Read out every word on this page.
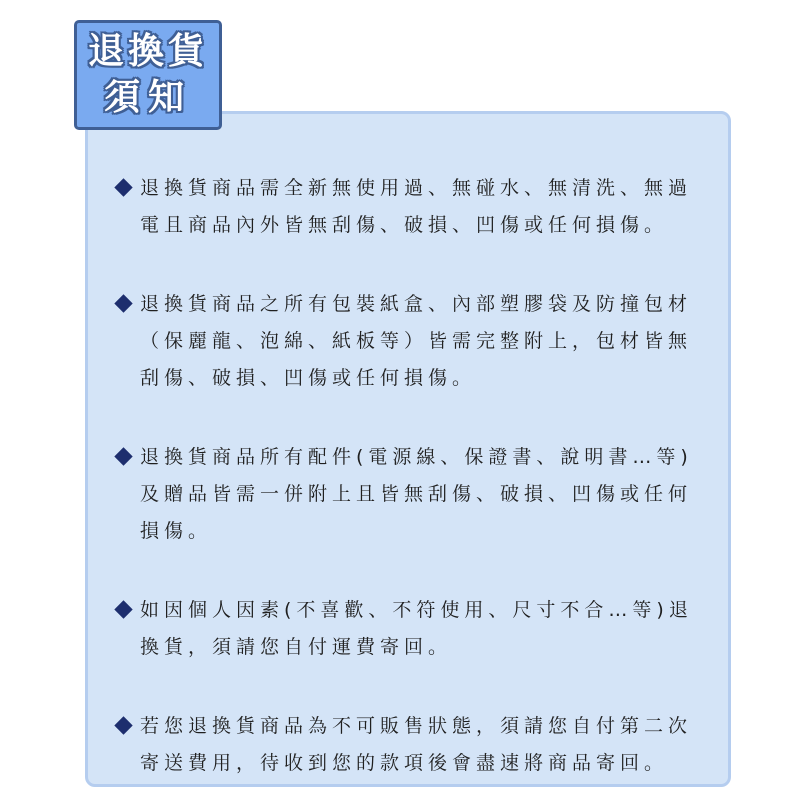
退換貨
須知
退換貨商品需全新無使用過、無碰水、無清洗、無過電且商品內外皆無刮傷、破損、凹傷或任何損傷。
退換貨商品之所有包裝紙盒、內部塑膠袋及防撞包材（保麗龍、泡綿、紙板等）皆需完整附上，包材皆無刮傷、破損、凹傷或任何損傷。
退換貨商品所有配件(電源線、保證書、說明書…等)及贈品皆需一併附上且皆無刮傷、破損、凹傷或任何損傷。
如因個人因素(不喜歡、不符使用、尺寸不合…等)退換貨，須請您自付運費寄回。
若您退換貨商品為不可販售狀態，須請您自付第二次寄送費用，待收到您的款項後會盡速將商品寄回。
